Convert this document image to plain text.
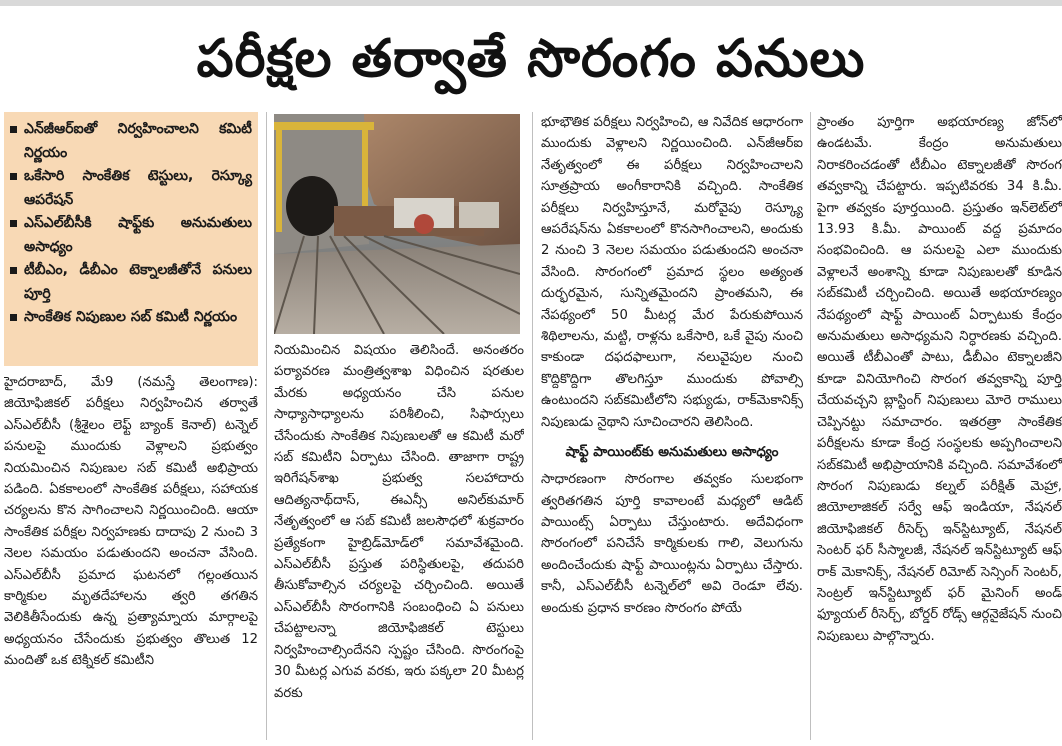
పరీక్షల తర్వాతే సొరంగం పనులు
ఎన్‌జీఆర్‌ఐతో నిర్వహించాలని కమిటీ నిర్ణయం
ఒకేసారి సాంకేతిక టెస్టులు, రెస్క్యూ ఆపరేషన్
ఎస్‌ఎల్‌బీసీకి షాఫ్ట్‌కు అనుమతులు అసాధ్యం
టీబీఎం, డీబీఎం టెక్నాలజీతోనే పనులు పూర్తి
సాంకేతిక నిపుణుల సబ్ కమిటీ నిర్ణయం

హైదరాబాద్, మే9 (నమస్తే తెలంగాణ): జియోఫిజికల్ పరీక్షలు నిర్వహించిన తర్వాతే ఎస్‌ఎల్‌బీసీ (శ్రీశైలం లెఫ్ట్ బ్యాంక్ కెనాల్) టన్నెల్ పనులపై ముందుకు వెళ్లాలని ప్రభుత్వం నియమించిన నిపుణుల సబ్ కమిటీ అభిప్రాయ పడింది. ఏకకాలంలో సాంకేతిక పరీక్షలు, సహాయక చర్యలను కొన సాగించాలని నిర్ణయించింది. ఆయా సాంకేతిక పరీక్షల నిర్వహణకు దాదాపు 2 నుంచి 3 నెలల సమయం పడుతుందని అంచనా వేసింది. ఎస్‌ఎల్‌బీసీ ప్రమాద ఘటనలో గల్లంతయిన కార్మికుల మృతదేహాలను త్వరి తగతిన వెలికితీసేందుకు ఉన్న ప్రత్యామ్నాయ మార్గాలపై అధ్యయనం చేసేందుకు ప్రభుత్వం తొలుత 12 మందితో ఒక టెక్నికల్ కమిటీని

నియమించిన విషయం తెలిసిందే. అనంతరం పర్యావరణ మంత్రిత్వశాఖ విధించిన షరతుల మేరకు అధ్యయనం చేసి పనుల సాధ్యాసాధ్యాలను పరిశీలించి, సిఫార్సులు చేసేందుకు సాంకేతిక నిపుణులతో ఆ కమిటీ మరో సబ్ కమిటీని ఏర్పాటు చేసింది. తాజాగా రాష్ట్ర ఇరిగేషన్‌శాఖ ప్రభుత్వ సలహాదారు ఆదిత్యనాథ్‌దాస్, ఈఎన్సీ అనిల్‌కుమార్ నేతృత్వంలో ఆ సబ్ కమిటీ జలసౌధలో శుక్రవారం ప్రత్యేకంగా హైబ్రిడ్‌మోడ్‌లో సమావేశమైంది. ఎస్‌ఎల్‌బీసీ ప్రస్తుత పరిస్థితులపై, తదుపరి తీసుకోవాల్సిన చర్యలపై చర్చించింది. అయితే ఎస్‌ఎల్‌బీసీ సొరంగానికి సంబంధించి ఏ పనులు చేపట్టాలన్నా జియోఫిజికల్ టెస్టులు నిర్వహించాల్సిందేనని స్పష్టం చేసింది. సొరంగంపై 30 మీటర్ల ఎగువ వరకు, ఇరు పక్కలా 20 మీటర్ల వరకు

భూభౌతిక పరీక్షలు నిర్వహించి, ఆ నివేదిక ఆధారంగా ముందుకు వెళ్లాలని నిర్ణయించింది. ఎన్‌జీఆర్‌ఐ నేతృత్వంలో ఈ పరీక్షలు నిర్వహించాలని సూత్రప్రాయ అంగీకారానికి వచ్చింది. సాంకేతిక పరీక్షలు నిర్వహిస్తూనే, మరోవైపు రెస్క్యూ ఆపరేషన్‌ను ఏకకాలంలో కొనసాగించాలని, అందుకు 2 నుంచి 3 నెలల సమయం పడుతుందని అంచనా వేసింది. సొరంగంలో ప్రమాద స్థలం అత్యంత దుర్భరమైన, సున్నితమైందని ప్రాంతమని, ఈ నేపథ్యంలో 50 మీటర్ల మేర పేరుకుపోయిన శిథిలాలను, మట్టి, రాళ్లను ఒకేసారి, ఒకే వైపు నుంచి కాకుండా దఫదఫాలుగా, నలువైపుల నుంచి కొద్దికొద్దిగా తొలగిస్తూ ముందుకు పోవాల్సి ఉంటుందని సబ్‌కమిటీలోని సభ్యుడు, రాక్‌మెకానిక్స్ నిపుణుడు నైథాని సూచించారని తెలిసింది.

షాఫ్ట్ పాయింట్‌కు అనుమతులు అసాధ్యం

సాధారణంగా సొరంగాల తవ్వకం సులభంగా త్వరితగతిన పూర్తి కావాలంటే మధ్యలో ఆడిట్ పాయింట్స్ ఏర్పాటు చేస్తుంటారు. అదేవిధంగా సొరంగంలో పనిచేసే కార్మికులకు గాలి, వెలుగును అందించేందుకు షాఫ్ట్ పాయింట్లను ఏర్పాటు చేస్తారు. కానీ, ఎస్‌ఎల్‌బీసీ టన్నెల్‌లో అవి రెండూ లేవు. అందుకు ప్రధాన కారణం సొరంగం పోయే

ప్రాంతం పూర్తిగా అభయారణ్య జోన్‌లో ఉండటమే. కేంద్రం అనుమతులు నిరాకరించడంతో టీబీఎం టెక్నాలజీతో సొరంగ తవ్వకాన్ని చేపట్టారు. ఇప్పటివరకు 34 కి.మీ. పైగా తవ్వకం పూర్తయింది. ప్రస్తుతం ఇన్‌లెట్‌లో 13.93 కి.మీ. పాయింట్ వద్ద ప్రమాదం సంభవించింది. ఆ పనులపై ఎలా ముందుకు వెళ్లాలనే అంశాన్ని కూడా నిపుణులతో కూడిన సబ్‌కమిటీ చర్చించింది. అయితే అభయారణ్యం నేపథ్యంలో షాఫ్ట్ పాయింట్ ఏర్పాటుకు కేంద్రం అనుమతులు అసాధ్యమని నిర్ధారణకు వచ్చింది. అయితే టీబీఎంతో పాటు, డీబీఎం టెక్నాలజీని కూడా వినియోగించి సొరంగ తవ్వకాన్ని పూర్తి చేయవచ్చని బ్లాస్టింగ్ నిపుణులు మోరె రాములు చెప్పినట్టు సమాచారం. ఇతరత్రా సాంకేతిక పరీక్షలను కూడా కేంద్ర సంస్థలకు అప్పగించాలని సబ్‌కమిటీ అభిప్రాయానికి వచ్చింది. సమావేశంలో సొరంగ నిపుణుడు కల్నల్ పరీక్షిత్ మెహ్రా, జియోలాజికల్ సర్వే ఆఫ్ ఇండియా, నేషనల్ జియోఫిజికల్ రీసెర్చ్ ఇన్‌స్టిట్యూట్, నేషనల్ సెంటర్ ఫర్ సీస్మాలజీ, నేషనల్ ఇన్‌స్టిట్యూట్ ఆఫ్ రాక్ మెకానిక్స్, నేషనల్ రిమోట్ సెన్సింగ్ సెంటర్, సెంట్రల్ ఇన్‌స్టిట్యూట్ ఫర్ మైనింగ్ అండ్ ఫ్యూయల్ రీసెర్చ్, బోర్డర్ రోడ్స్ ఆర్గనైజేషన్ నుంచి నిపుణులు పాల్గొన్నారు.
